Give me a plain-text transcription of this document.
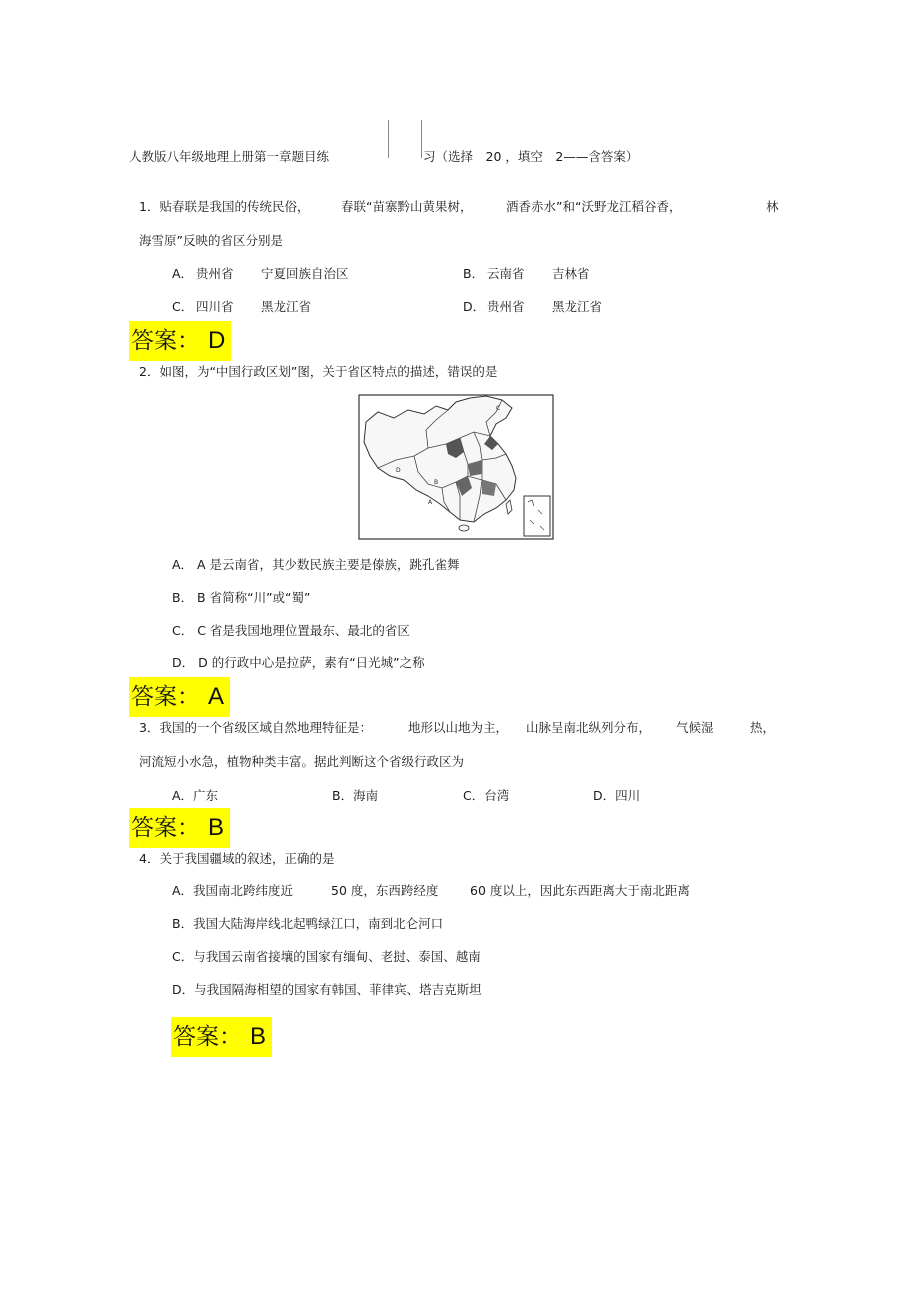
人教版八年级地理上册第一章题目练	习（选择　20 ，填空　2——含答案）
1．贴春联是我国的传统民俗，	春联“苗寨黔山黄果树，	酒香赤水”和“沃野龙江稻谷香，	林
海雪原”反映的省区分别是
A． 贵州省 宁夏回族自治区	B． 云南省 吉林省
C． 四川省 黑龙江省	D． 贵州省 黑龙江省
答案： D
2．如图，为“中国行政区划”图，关于省区特点的描述，错误的是
D
B
A
C
A． A 是云南省，其少数民族主要是傣族，跳孔雀舞
B． B 省简称“川”或“蜀”
C． C 省是我国地理位置最东、最北的省区
D． D 的行政中心是拉萨，素有“日光城”之称
答案： A
3．我国的一个省级区域自然地理特征是：	地形以山地为主， 山脉呈南北纵列分布， 气候湿	热，
河流短小水急，植物种类丰富。据此判断这个省级行政区为
A．广东	B．海南	C．台湾	D．四川
答案： B
4．关于我国疆域的叙述，正确的是
A．我国南北跨纬度近	50 度，东西跨经度	60 度以上，因此东西距离大于南北距离
B．我国大陆海岸线北起鸭绿江口，南到北仑河口
C．与我国云南省接壤的国家有缅甸、老挝、泰国、越南
D．与我国隔海相望的国家有韩国、菲律宾、塔吉克斯坦
答案： B
